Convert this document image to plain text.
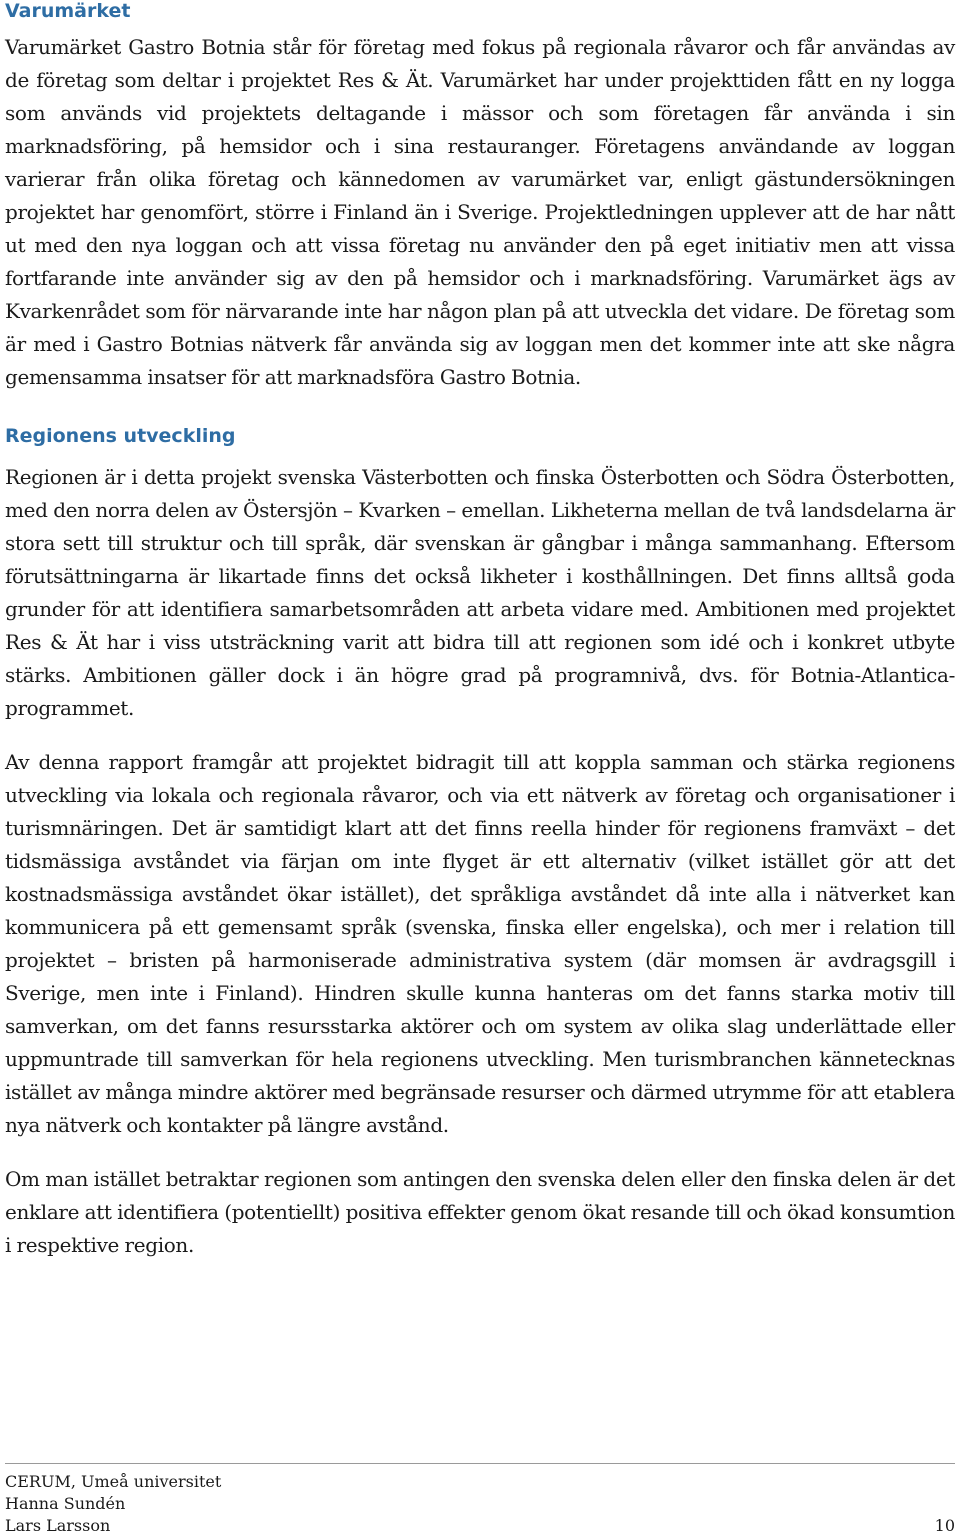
Varumärket

Varumärket Gastro Botnia står för företag med fokus på regionala råvaror och får användas av de företag som deltar i projektet Res & Ät. Varumärket har under projekttiden fått en ny logga som används vid projektets deltagande i mässor och som företagen får använda i sin marknadsföring, på hemsidor och i sina restauranger. Företagens användande av loggan varierar från olika företag och kännedomen av varumärket var, enligt gästundersökningen projektet har genomfört, större i Finland än i Sverige. Projektledningen upplever att de har nått ut med den nya loggan och att vissa företag nu använder den på eget initiativ men att vissa fortfarande inte använder sig av den på hemsidor och i marknadsföring. Varumärket ägs av Kvarkenrådet som för närvarande inte har någon plan på att utveckla det vidare. De företag som är med i Gastro Botnias nätverk får använda sig av loggan men det kommer inte att ske några gemensamma insatser för att marknadsföra Gastro Botnia.

Regionens utveckling

Regionen är i detta projekt svenska Västerbotten och finska Österbotten och Södra Österbotten, med den norra delen av Östersjön – Kvarken – emellan. Likheterna mellan de två landsdelarna är stora sett till struktur och till språk, där svenskan är gångbar i många sammanhang. Eftersom förutsättningarna är likartade finns det också likheter i kosthållningen. Det finns alltså goda grunder för att identifiera samarbetsområden att arbeta vidare med. Ambitionen med projektet Res & Ät har i viss utsträckning varit att bidra till att regionen som idé och i konkret utbyte stärks. Ambitionen gäller dock i än högre grad på programnivå, dvs. för Botnia-Atlantica-programmet.

Av denna rapport framgår att projektet bidragit till att koppla samman och stärka regionens utveckling via lokala och regionala råvaror, och via ett nätverk av företag och organisationer i turismnäringen. Det är samtidigt klart att det finns reella hinder för regionens framväxt – det tidsmässiga avståndet via färjan om inte flyget är ett alternativ (vilket istället gör att det kostnadsmässiga avståndet ökar istället), det språkliga avståndet då inte alla i nätverket kan kommunicera på ett gemensamt språk (svenska, finska eller engelska), och mer i relation till projektet – bristen på harmoniserade administrativa system (där momsen är avdragsgill i Sverige, men inte i Finland). Hindren skulle kunna hanteras om det fanns starka motiv till samverkan, om det fanns resursstarka aktörer och om system av olika slag underlättade eller uppmuntrade till samverkan för hela regionens utveckling. Men turismbranchen kännetecknas istället av många mindre aktörer med begränsade resurser och därmed utrymme för att etablera nya nätverk och kontakter på längre avstånd.

Om man istället betraktar regionen som antingen den svenska delen eller den finska delen är det enklare att identifiera (potentiellt) positiva effekter genom ökat resande till och ökad konsumtion i respektive region.

CERUM, Umeå universitet
Hanna Sundén
Lars Larsson	10
